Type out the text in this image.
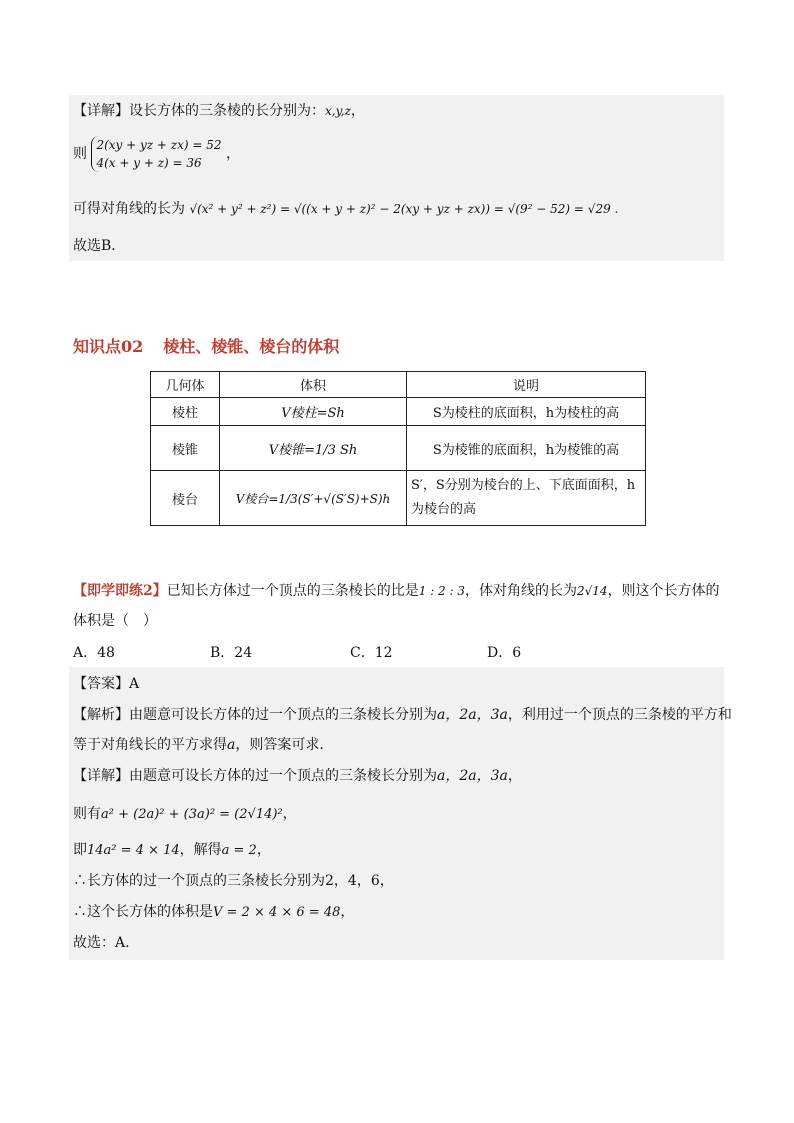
【详解】设长方体的三条棱的长分别为：x,y,z，
则 2(xy + yz + zx) = 52
4(x + y + z) = 36 ，
可得对角线的长为 √(x² + y² + z²) = √((x + y + z)² − 2(xy + yz + zx)) = √(9² − 52) = √29 .
故选B．
知识点02 棱柱、棱锥、棱台的体积
几何体	体积	说明
棱柱	V棱柱=Sh	S为棱柱的底面积，h为棱柱的高
棱锥	V棱锥=1/3 Sh	S为棱锥的底面积，h为棱锥的高
棱台	V棱台=1/3(S′+√(S′S)+S)h	S′，S分别为棱台的上、下底面面积，h为棱台的高
【即学即练2】已知长方体过一个顶点的三条棱长的比是1 : 2 : 3，体对角线的长为2√14，则这个长方体的
体积是（　）
A．48	B．24	C．12	D．6
【答案】A
【解析】由题意可设长方体的过一个顶点的三条棱长分别为a，2a，3a，利用过一个顶点的三条棱的平方和
等于对角线长的平方求得a，则答案可求.
【详解】由题意可设长方体的过一个顶点的三条棱长分别为a，2a，3a，
则有a² + (2a)² + (3a)² = (2√14)²，
即14a² = 4 × 14，解得a = 2，
∴长方体的过一个顶点的三条棱长分别为2，4，6，
∴这个长方体的体积是V = 2 × 4 × 6 = 48，
故选：A.
